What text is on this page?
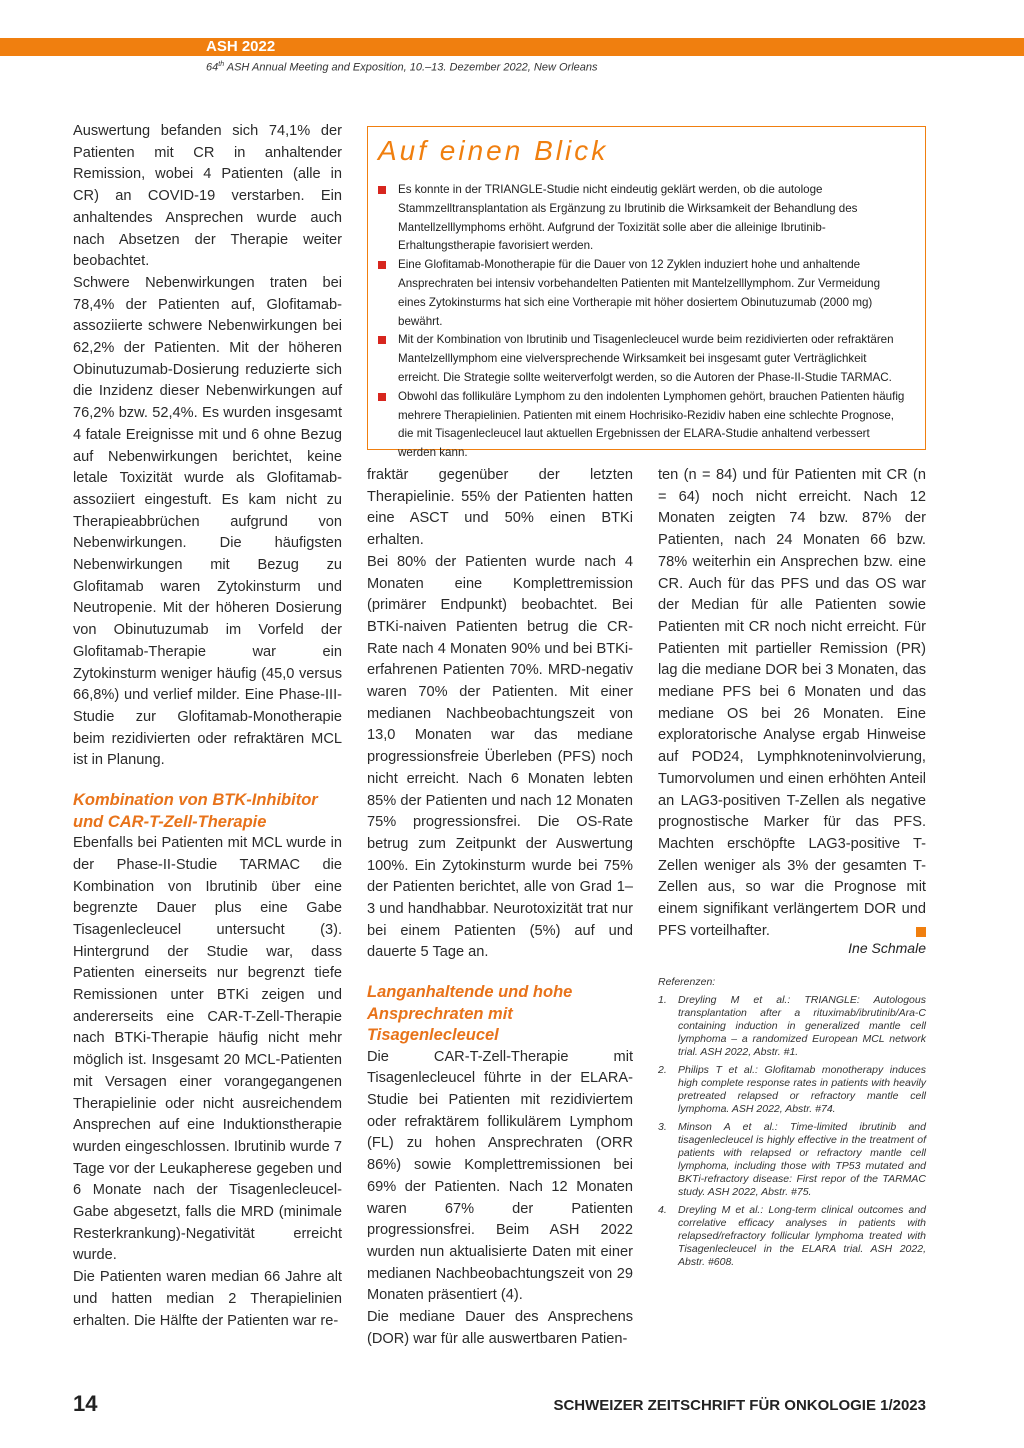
ASH 2022
64th ASH Annual Meeting and Exposition, 10.–13. Dezember 2022, New Orleans

Auswertung befanden sich 74,1% der Patienten mit CR in anhaltender Remission, wobei 4 Patienten (alle in CR) an COVID-19 verstarben. Ein anhaltendes Ansprechen wurde auch nach Absetzen der Therapie weiter beobachtet.

Schwere Nebenwirkungen traten bei 78,4% der Patienten auf, Glofitamab-assoziierte schwere Nebenwirkungen bei 62,2% der Patienten. Mit der höheren Obinutuzumab-Dosierung reduzierte sich die Inzidenz dieser Nebenwirkungen auf 76,2% bzw. 52,4%. Es wurden insgesamt 4 fatale Ereignisse mit und 6 ohne Bezug auf Nebenwirkungen berichtet, keine letale Toxizität wurde als Glofitamab-assoziiert eingestuft. Es kam nicht zu Therapieabbrüchen aufgrund von Nebenwirkungen. Die häufigsten Nebenwirkungen mit Bezug zu Glofitamab waren Zytokinsturm und Neutropenie. Mit der höheren Dosierung von Obinutuzumab im Vorfeld der Glofitamab-Therapie war ein Zytokinsturm weniger häufig (45,0 versus 66,8%) und verlief milder. Eine Phase-III-Studie zur Glofitamab-Monotherapie beim rezidivierten oder refraktären MCL ist in Planung.

Kombination von BTK-Inhibitor und CAR-T-Zell-Therapie

Ebenfalls bei Patienten mit MCL wurde in der Phase-II-Studie TARMAC die Kombination von Ibrutinib über eine begrenzte Dauer plus eine Gabe Tisagenlecleucel untersucht (3). Hintergrund der Studie war, dass Patienten einerseits nur begrenzt tiefe Remissionen unter BTKi zeigen und andererseits eine CAR-T-Zell-Therapie nach BTKi-Therapie häufig nicht mehr möglich ist. Insgesamt 20 MCL-Patienten mit Versagen einer vorangegangenen Therapielinie oder nicht ausreichendem Ansprechen auf eine Induktionstherapie wurden eingeschlossen. Ibrutinib wurde 7 Tage vor der Leukapherese gegeben und 6 Monate nach der Tisagenlecleucel-Gabe abgesetzt, falls die MRD (minimale Resterkrankung)-Negativität erreicht wurde.

Die Patienten waren median 66 Jahre alt und hatten median 2 Therapielinien erhalten. Die Hälfte der Patienten war re-

Auf einen Blick
Es konnte in der TRIANGLE-Studie nicht eindeutig geklärt werden, ob die autologe Stammzelltransplantation als Ergänzung zu Ibrutinib die Wirksamkeit der Behandlung des Mantellzelllymphoms erhöht. Aufgrund der Toxizität solle aber die alleinige Ibrutinib-Erhaltungstherapie favorisiert werden.
Eine Glofitamab-Monotherapie für die Dauer von 12 Zyklen induziert hohe und anhaltende Ansprechraten bei intensiv vorbehandelten Patienten mit Mantelzelllymphom. Zur Vermeidung eines Zytokinsturms hat sich eine Vortherapie mit höher dosiertem Obinutuzumab (2000 mg) bewährt.
Mit der Kombination von Ibrutinib und Tisagenlecleucel wurde beim rezidivierten oder refraktären Mantelzelllymphom eine vielversprechende Wirksamkeit bei insgesamt guter Verträglichkeit erreicht. Die Strategie sollte weiterverfolgt werden, so die Autoren der Phase-II-Studie TARMAC.
Obwohl das follikuläre Lymphom zu den indolenten Lymphomen gehört, brauchen Patienten häufig mehrere Therapielinien. Patienten mit einem Hochrisiko-Rezidiv haben eine schlechte Prognose, die mit Tisagenlecleucel laut aktuellen Ergebnissen der ELARA-Studie anhaltend verbessert werden kann.

fraktär gegenüber der letzten Therapielinie. 55% der Patienten hatten eine ASCT und 50% einen BTKi erhalten.

Bei 80% der Patienten wurde nach 4 Monaten eine Komplettremission (primärer Endpunkt) beobachtet. Bei BTKi-naiven Patienten betrug die CR-Rate nach 4 Monaten 90% und bei BTKi-erfahrenen Patienten 70%. MRD-negativ waren 70% der Patienten. Mit einer medianen Nachbeobachtungszeit von 13,0 Monaten war das mediane progressionsfreie Überleben (PFS) noch nicht erreicht. Nach 6 Monaten lebten 85% der Patienten und nach 12 Monaten 75% progressionsfrei. Die OS-Rate betrug zum Zeitpunkt der Auswertung 100%. Ein Zytokinsturm wurde bei 75% der Patienten berichtet, alle von Grad 1–3 und handhabbar. Neurotoxizität trat nur bei einem Patienten (5%) auf und dauerte 5 Tage an.

Langanhaltende und hohe Ansprechraten mit Tisagenlecleucel

Die CAR-T-Zell-Therapie mit Tisagenlecleucel führte in der ELARA-Studie bei Patienten mit rezidiviertem oder refraktärem follikulärem Lymphom (FL) zu hohen Ansprechraten (ORR 86%) sowie Komplettremissionen bei 69% der Patienten. Nach 12 Monaten waren 67% der Patienten progressionsfrei. Beim ASH 2022 wurden nun aktualisierte Daten mit einer medianen Nachbeobachtungszeit von 29 Monaten präsentiert (4).

Die mediane Dauer des Ansprechens (DOR) war für alle auswertbaren Patien-

ten (n = 84) und für Patienten mit CR (n = 64) noch nicht erreicht. Nach 12 Monaten zeigten 74 bzw. 87% der Patienten, nach 24 Monaten 66 bzw. 78% weiterhin ein Ansprechen bzw. eine CR. Auch für das PFS und das OS war der Median für alle Patienten sowie Patienten mit CR noch nicht erreicht. Für Patienten mit partieller Remission (PR) lag die mediane DOR bei 3 Monaten, das mediane PFS bei 6 Monaten und das mediane OS bei 26 Monaten. Eine exploratorische Analyse ergab Hinweise auf POD24, Lymphknoteninvolvierung, Tumorvolumen und einen erhöhten Anteil an LAG3-positiven T-Zellen als negative prognostische Marker für das PFS. Machten erschöpfte LAG3-positive T-Zellen weniger als 3% der gesamten T-Zellen aus, so war die Prognose mit einem signifikant verlängertem DOR und PFS vorteilhafter.

Ine Schmale
Referenzen:
1. Dreyling M et al.: TRIANGLE: Autologous transplantation after a rituximab/ibrutinib/Ara-C containing induction in generalized mantle cell lymphoma – a randomized European MCL network trial. ASH 2022, Abstr. #1.
2. Philips T et al.: Glofitamab monotherapy induces high complete response rates in patients with heavily pretreated relapsed or refractory mantle cell lymphoma. ASH 2022, Abstr. #74.
3. Minson A et al.: Time-limited ibrutinib and tisagenlecleucel is highly effective in the treatment of patients with relapsed or refractory mantle cell lymphoma, including those with TP53 mutated and BKTi-refractory disease: First repor of the TARMAC study. ASH 2022, Abstr. #75.
4. Dreyling M et al.: Long-term clinical outcomes and correlative efficacy analyses in patients with relapsed/refractory follicular lymphoma treated with Tisagenlecleucel in the ELARA trial. ASH 2022, Abstr. #608.
14	SCHWEIZER ZEITSCHRIFT FÜR ONKOLOGIE 1/2023
